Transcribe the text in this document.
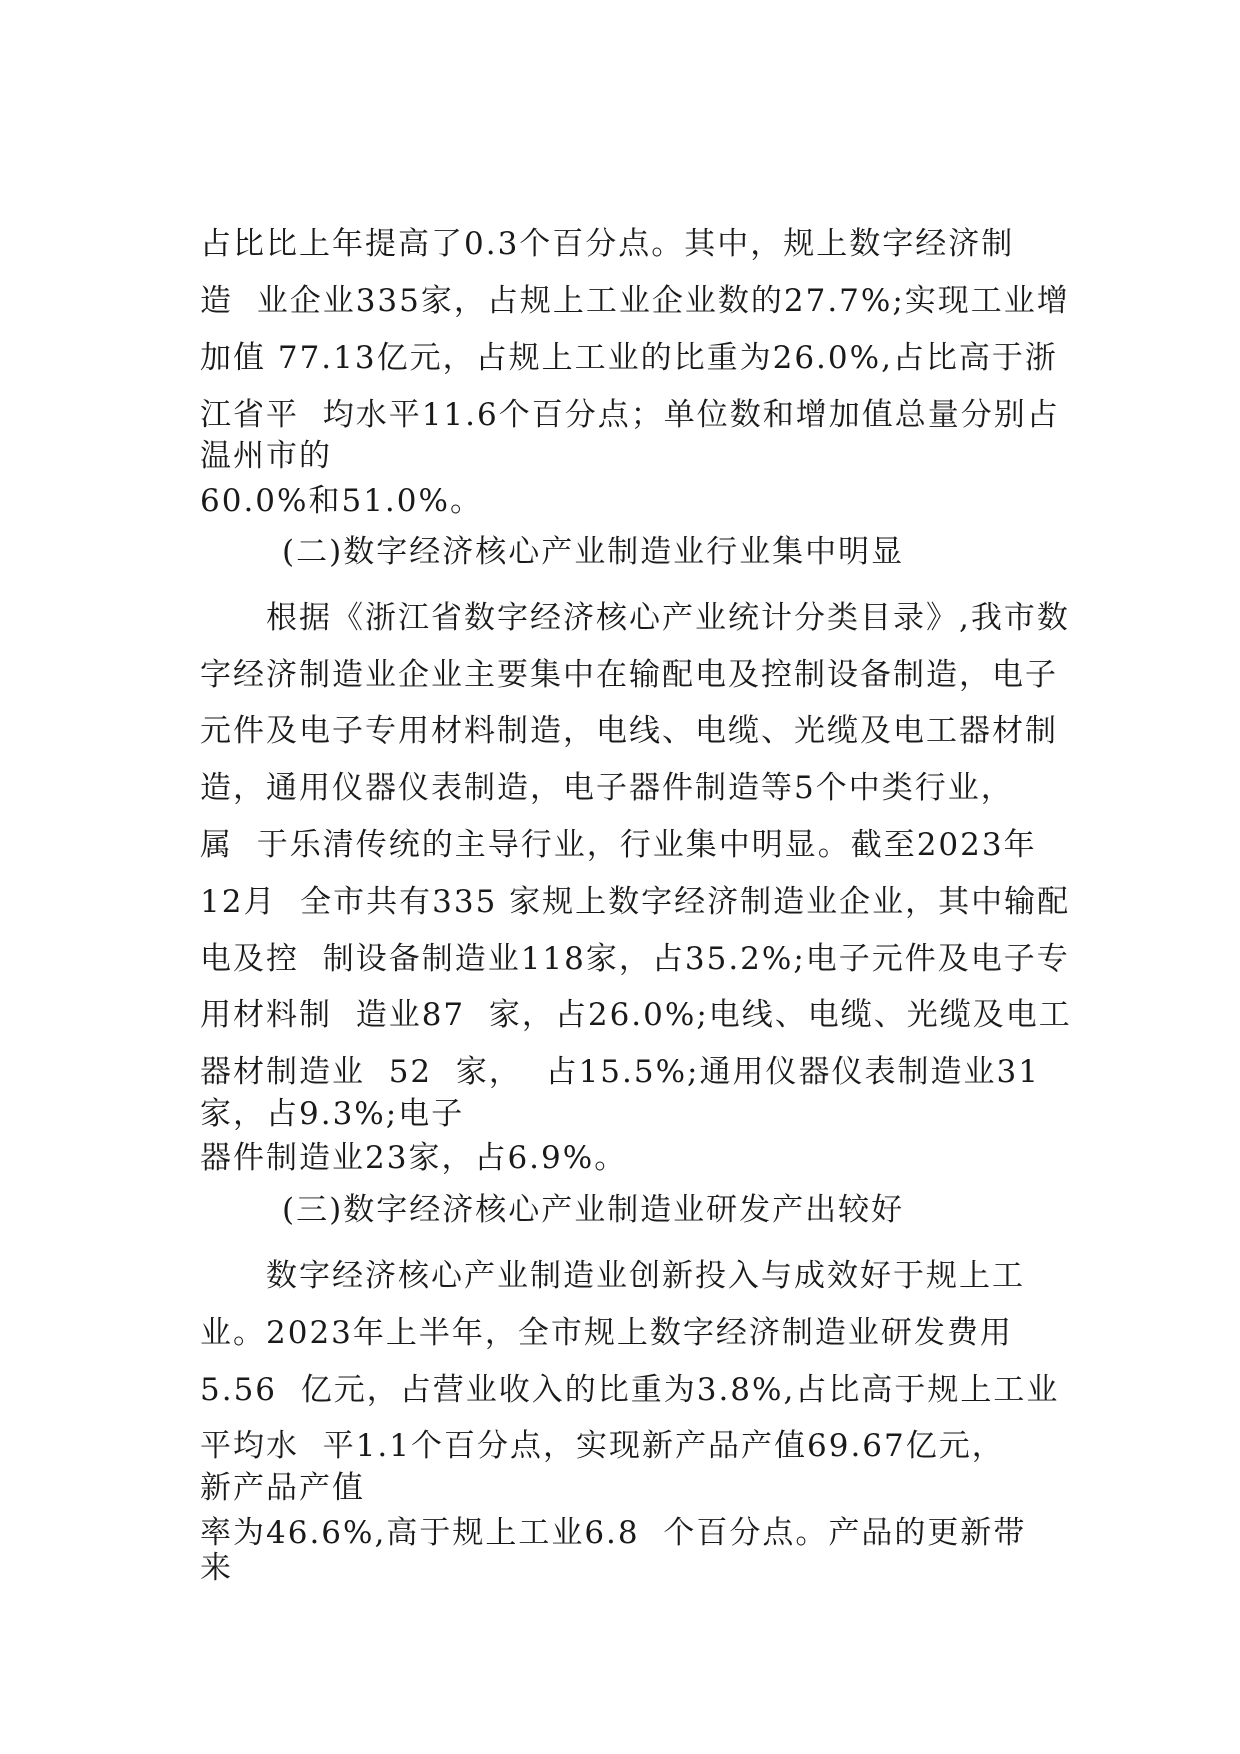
占比比上年提高了0.3个百分点。其中，规上数字经济制
造  业企业335家，占规上工业企业数的27.7%;实现工业增
加值 77.13亿元，占规上工业的比重为26.0%,占比高于浙
江省平  均水平11.6个百分点；单位数和增加值总量分别占
温州市的
60.0%和51.0%。
(二)数字经济核心产业制造业行业集中明显
根据《浙江省数字经济核心产业统计分类目录》,我市数
字经济制造业企业主要集中在输配电及控制设备制造，电子
元件及电子专用材料制造，电线、电缆、光缆及电工器材制
造，通用仪器仪表制造，电子器件制造等5个中类行业，
属  于乐清传统的主导行业，行业集中明显。截至2023年
12月  全市共有335 家规上数字经济制造业企业，其中输配
电及控  制设备制造业118家，占35.2%;电子元件及电子专
用材料制  造业87  家，占26.0%;电线、电缆、光缆及电工
器材制造业  52  家，  占15.5%;通用仪器仪表制造业31
家，占9.3%;电子
器件制造业23家，占6.9%。
(三)数字经济核心产业制造业研发产出较好
数字经济核心产业制造业创新投入与成效好于规上工
业。2023年上半年，全市规上数字经济制造业研发费用
5.56  亿元，占营业收入的比重为3.8%,占比高于规上工业
平均水  平1.1个百分点，实现新产品产值69.67亿元，
新产品产值
率为46.6%,高于规上工业6.8  个百分点。产品的更新带
来
